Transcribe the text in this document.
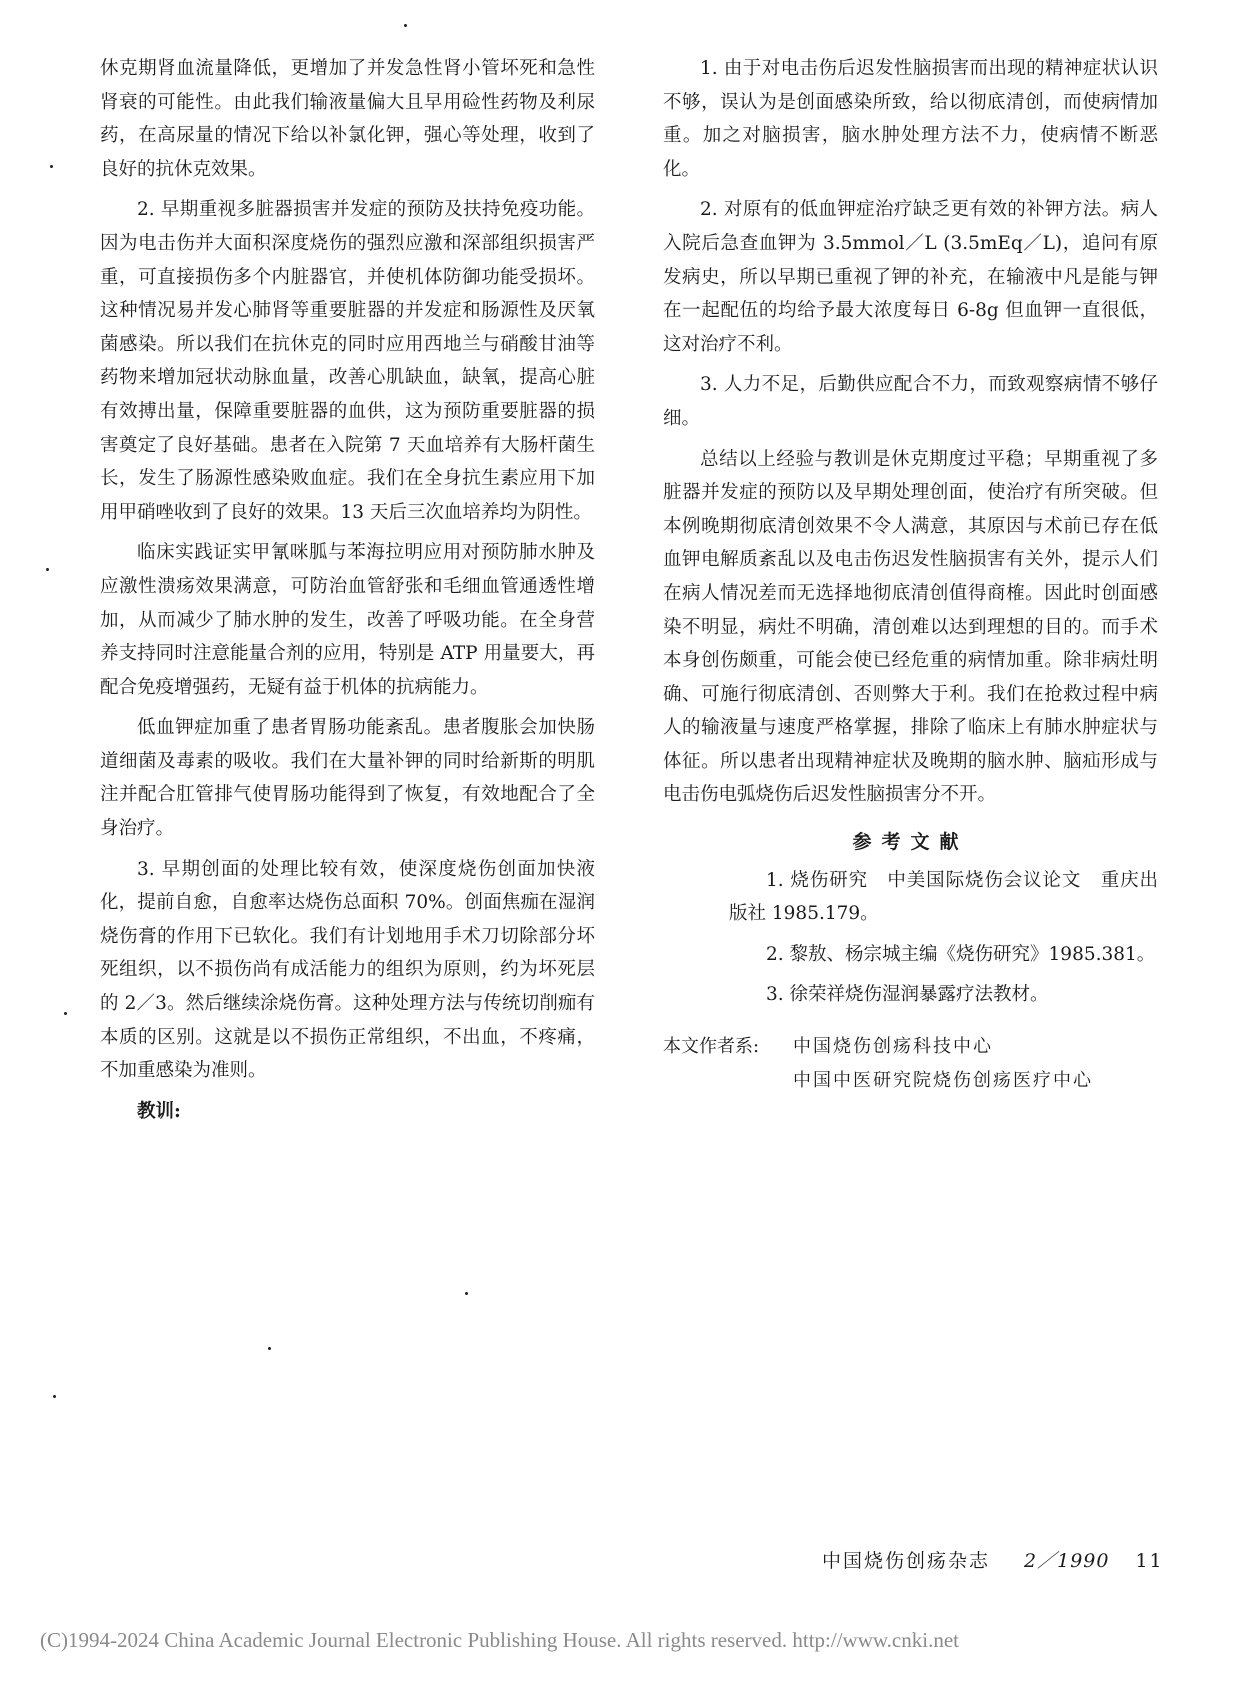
休克期肾血流量降低，更增加了并发急性肾小管坏死和急性肾衰的可能性。由此我们输液量偏大且早用硷性药物及利尿药，在高尿量的情况下给以补氯化钾，强心等处理，收到了良好的抗休克效果。

2. 早期重视多脏器损害并发症的预防及扶持免疫功能。因为电击伤并大面积深度烧伤的强烈应激和深部组织损害严重，可直接损伤多个内脏器官，并使机体防御功能受损坏。这种情况易并发心肺肾等重要脏器的并发症和肠源性及厌氧菌感染。所以我们在抗休克的同时应用西地兰与硝酸甘油等药物来增加冠状动脉血量，改善心肌缺血，缺氧，提高心脏有效搏出量，保障重要脏器的血供，这为预防重要脏器的损害奠定了良好基础。患者在入院第 7 天血培养有大肠杆菌生长，发生了肠源性感染败血症。我们在全身抗生素应用下加用甲硝唑收到了良好的效果。13 天后三次血培养均为阴性。

临床实践证实甲氰咪胍与苯海拉明应用对预防肺水肿及应激性溃疡效果满意，可防治血管舒张和毛细血管通透性增加，从而减少了肺水肿的发生，改善了呼吸功能。在全身营养支持同时注意能量合剂的应用，特别是 ATP 用量要大，再配合免疫增强药，无疑有益于机体的抗病能力。

低血钾症加重了患者胃肠功能紊乱。患者腹胀会加快肠道细菌及毒素的吸收。我们在大量补钾的同时给新斯的明肌注并配合肛管排气使胃肠功能得到了恢复，有效地配合了全身治疗。

3. 早期创面的处理比较有效，使深度烧伤创面加快液化，提前自愈，自愈率达烧伤总面积 70%。创面焦痂在湿润烧伤膏的作用下已软化。我们有计划地用手术刀切除部分坏死组织，以不损伤尚有成活能力的组织为原则，约为坏死层的 2／3。然后继续涂烧伤膏。这种处理方法与传统切削痂有本质的区别。这就是以不损伤正常组织，不出血，不疼痛，不加重感染为准则。

教训:

1. 由于对电击伤后迟发性脑损害而出现的精神症状认识不够，误认为是创面感染所致，给以彻底清创，而使病情加重。加之对脑损害，脑水肿处理方法不力，使病情不断恶化。

2. 对原有的低血钾症治疗缺乏更有效的补钾方法。病人入院后急查血钾为 3.5mmol／L (3.5mEq／L)，追问有原发病史，所以早期已重视了钾的补充，在输液中凡是能与钾在一起配伍的均给予最大浓度每日 6-8g 但血钾一直很低，这对治疗不利。

3. 人力不足，后勤供应配合不力，而致观察病情不够仔细。

总结以上经验与教训是休克期度过平稳；早期重视了多脏器并发症的预防以及早期处理创面，使治疗有所突破。但本例晚期彻底清创效果不令人满意，其原因与术前已存在低血钾电解质紊乱以及电击伤迟发性脑损害有关外，提示人们在病人情况差而无选择地彻底清创值得商榷。因此时创面感染不明显，病灶不明确，清创难以达到理想的目的。而手术本身创伤颇重，可能会使已经危重的病情加重。除非病灶明确、可施行彻底清创、否则弊大于利。我们在抢救过程中病人的输液量与速度严格掌握，排除了临床上有肺水肿症状与体征。所以患者出现精神症状及晚期的脑水肿、脑疝形成与电击伤电弧烧伤后迟发性脑损害分不开。

参考文献

1. 烧伤研究　中美国际烧伤会议论文　重庆出版社 1985.179。

2. 黎敖、杨宗城主编《烧伤研究》1985.381。

3. 徐荣祥烧伤湿润暴露疗法教材。

本文作者系:	中国烧伤创疡科技中心
中国中医研究院烧伤创疡医疗中心
中国烧伤创疡杂志 2／1990 11
(C)1994-2024 China Academic Journal Electronic Publishing House. All rights reserved. http://www.cnki.net
